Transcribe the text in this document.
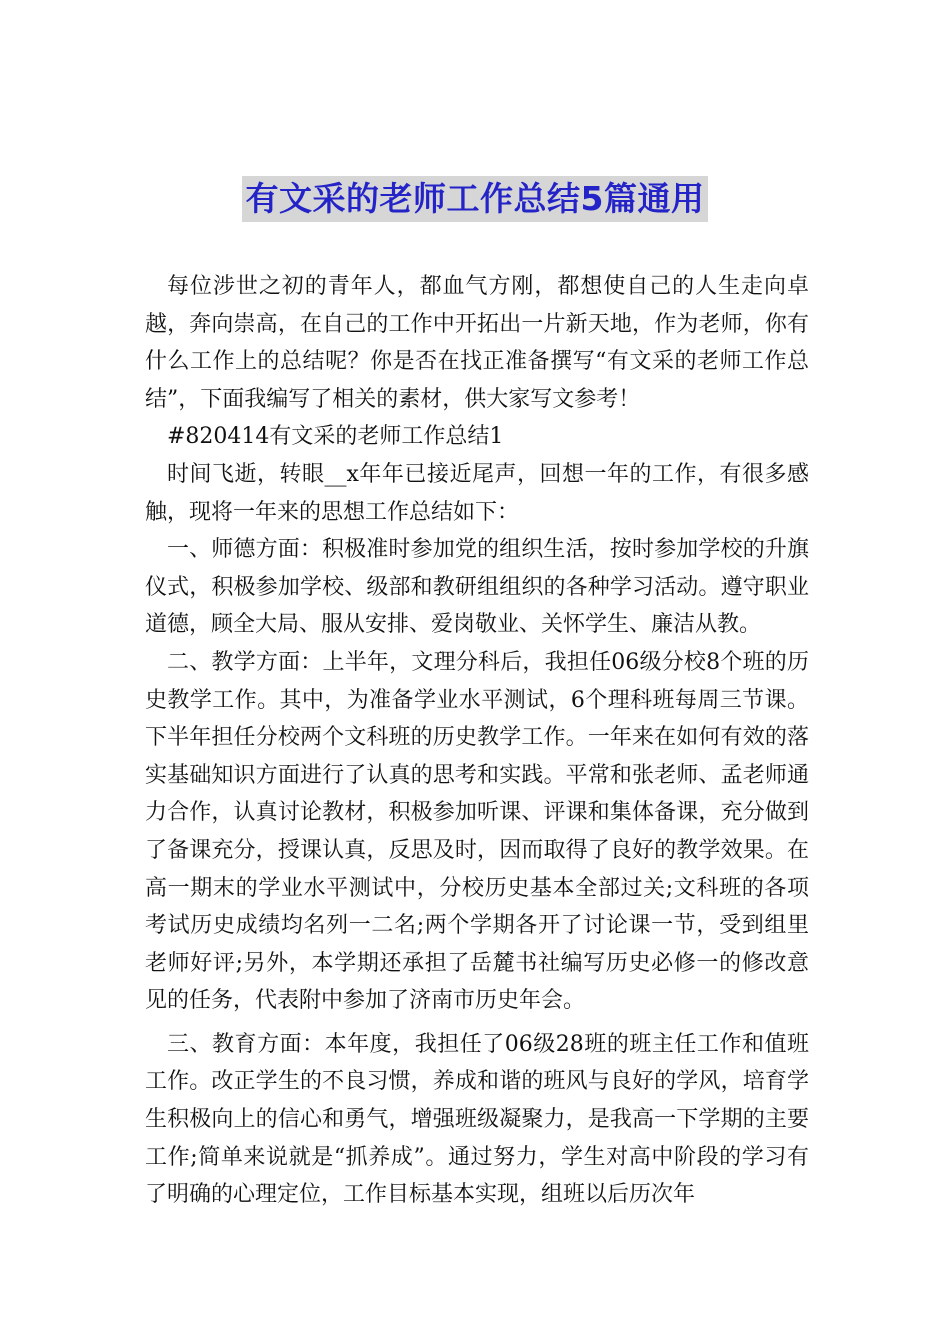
有文采的老师工作总结5篇通用

每位涉世之初的青年人，都血气方刚，都想使自己的人生走向卓越，奔向崇高，在自己的工作中开拓出一片新天地，作为老师，你有什么工作上的总结呢？你是否在找正准备撰写“有文采的老师工作总结”，下面我编写了相关的素材，供大家写文参考！

#820414有文采的老师工作总结1

时间飞逝，转眼__x年年已接近尾声，回想一年的工作，有很多感触，现将一年来的思想工作总结如下：

一、师德方面：积极准时参加党的组织生活，按时参加学校的升旗仪式，积极参加学校、级部和教研组组织的各种学习活动。遵守职业道德，顾全大局、服从安排、爱岗敬业、关怀学生、廉洁从教。

二、教学方面：上半年，文理分科后，我担任06级分校8个班的历史教学工作。其中，为准备学业水平测试，6个理科班每周三节课。下半年担任分校两个文科班的历史教学工作。一年来在如何有效的落实基础知识方面进行了认真的思考和实践。平常和张老师、孟老师通力合作，认真讨论教材，积极参加听课、评课和集体备课，充分做到了备课充分，授课认真，反思及时，因而取得了良好的教学效果。在高一期末的学业水平测试中，分校历史基本全部过关;文科班的各项考试历史成绩均名列一二名;两个学期各开了讨论课一节，受到组里老师好评;另外，本学期还承担了岳麓书社编写历史必修一的修改意见的任务，代表附中参加了济南市历史年会。

三、教育方面：本年度，我担任了06级28班的班主任工作和值班工作。改正学生的不良习惯，养成和谐的班风与良好的学风，培育学生积极向上的信心和勇气，增强班级凝聚力，是我高一下学期的主要工作;简单来说就是“抓养成”。通过努力，学生对高中阶段的学习有了明确的心理定位，工作目标基本实现，组班以后历次年
